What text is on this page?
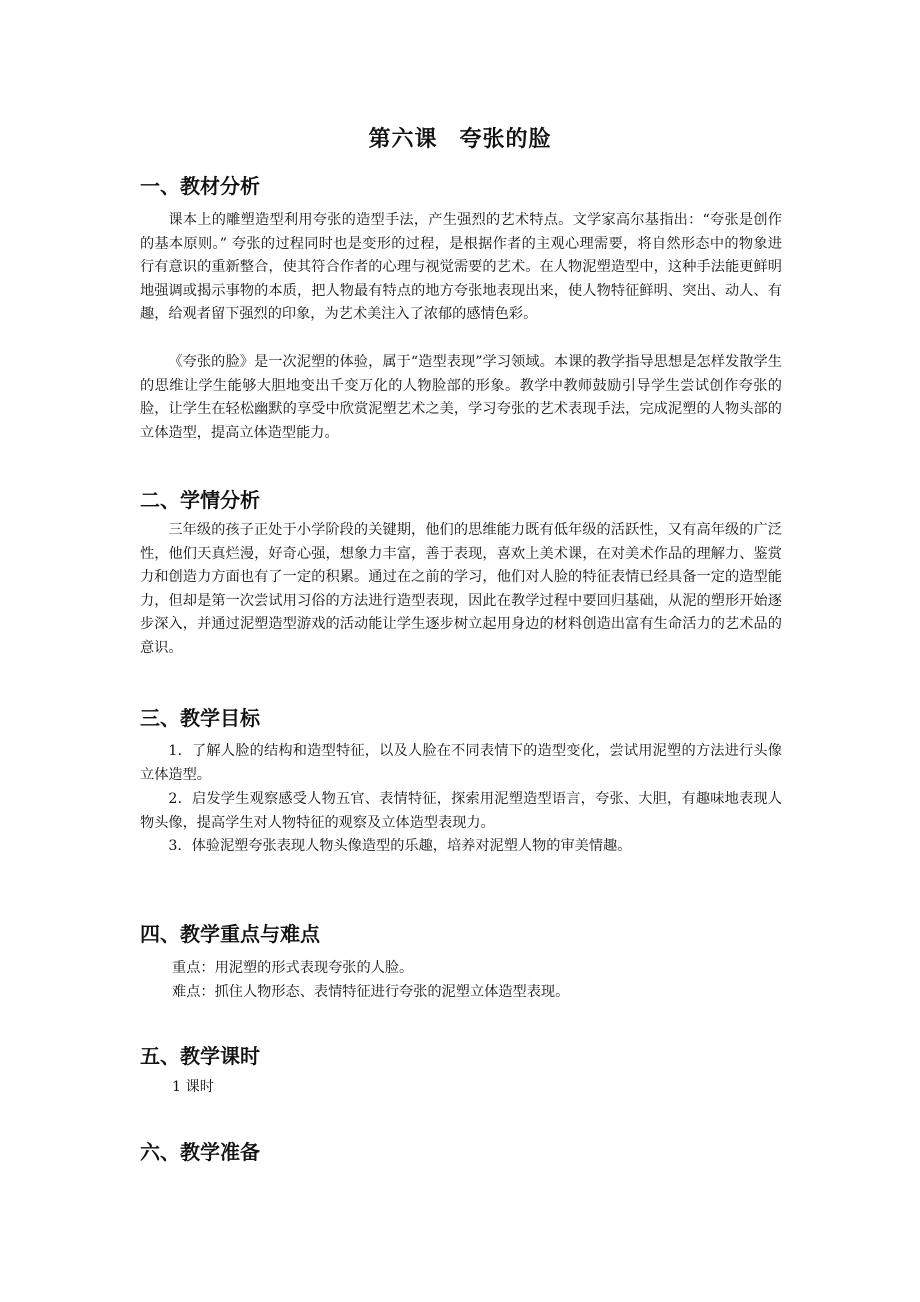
第六课 夸张的脸
一、教材分析

课本上的雕塑造型利用夸张的造型手法，产生强烈的艺术特点。文学家高尔基指出：“夸张是创作的基本原则。” 夸张的过程同时也是变形的过程，是根据作者的主观心理需要，将自然形态中的物象进行有意识的重新整合，使其符合作者的心理与视觉需要的艺术。在人物泥塑造型中，这种手法能更鲜明地强调或揭示事物的本质，把人物最有特点的地方夸张地表现出来，使人物特征鲜明、突出、动人、有趣，给观者留下强烈的印象，为艺术美注入了浓郁的感情色彩。

《夸张的脸》是一次泥塑的体验，属于“造型表现”学习领域。本课的教学指导思想是怎样发散学生的思维让学生能够大胆地变出千变万化的人物脸部的形象。教学中教师鼓励引导学生尝试创作夸张的脸，让学生在轻松幽默的享受中欣赏泥塑艺术之美，学习夸张的艺术表现手法，完成泥塑的人物头部的立体造型，提高立体造型能力。

二、学情分析

三年级的孩子正处于小学阶段的关键期，他们的思维能力既有低年级的活跃性，又有高年级的广泛性，他们天真烂漫，好奇心强，想象力丰富，善于表现，喜欢上美术课，在对美术作品的理解力、鉴赏力和创造力方面也有了一定的积累。通过在之前的学习，他们对人脸的特征表情已经具备一定的造型能力，但却是第一次尝试用习俗的方法进行造型表现，因此在教学过程中要回归基础，从泥的塑形开始逐步深入，并通过泥塑造型游戏的活动能让学生逐步树立起用身边的材料创造出富有生命活力的艺术品的意识。

三、教学目标

1．了解人脸的结构和造型特征，以及人脸在不同表情下的造型变化，尝试用泥塑的方法进行头像立体造型。

2．启发学生观察感受人物五官、表情特征，探索用泥塑造型语言，夸张、大胆，有趣味地表现人物头像，提高学生对人物特征的观察及立体造型表现力。

3．体验泥塑夸张表现人物头像造型的乐趣，培养对泥塑人物的审美情趣。

四、教学重点与难点

重点：用泥塑的形式表现夸张的人脸。

难点：抓住人物形态、表情特征进行夸张的泥塑立体造型表现。

五、教学课时

1 课时

六、教学准备
